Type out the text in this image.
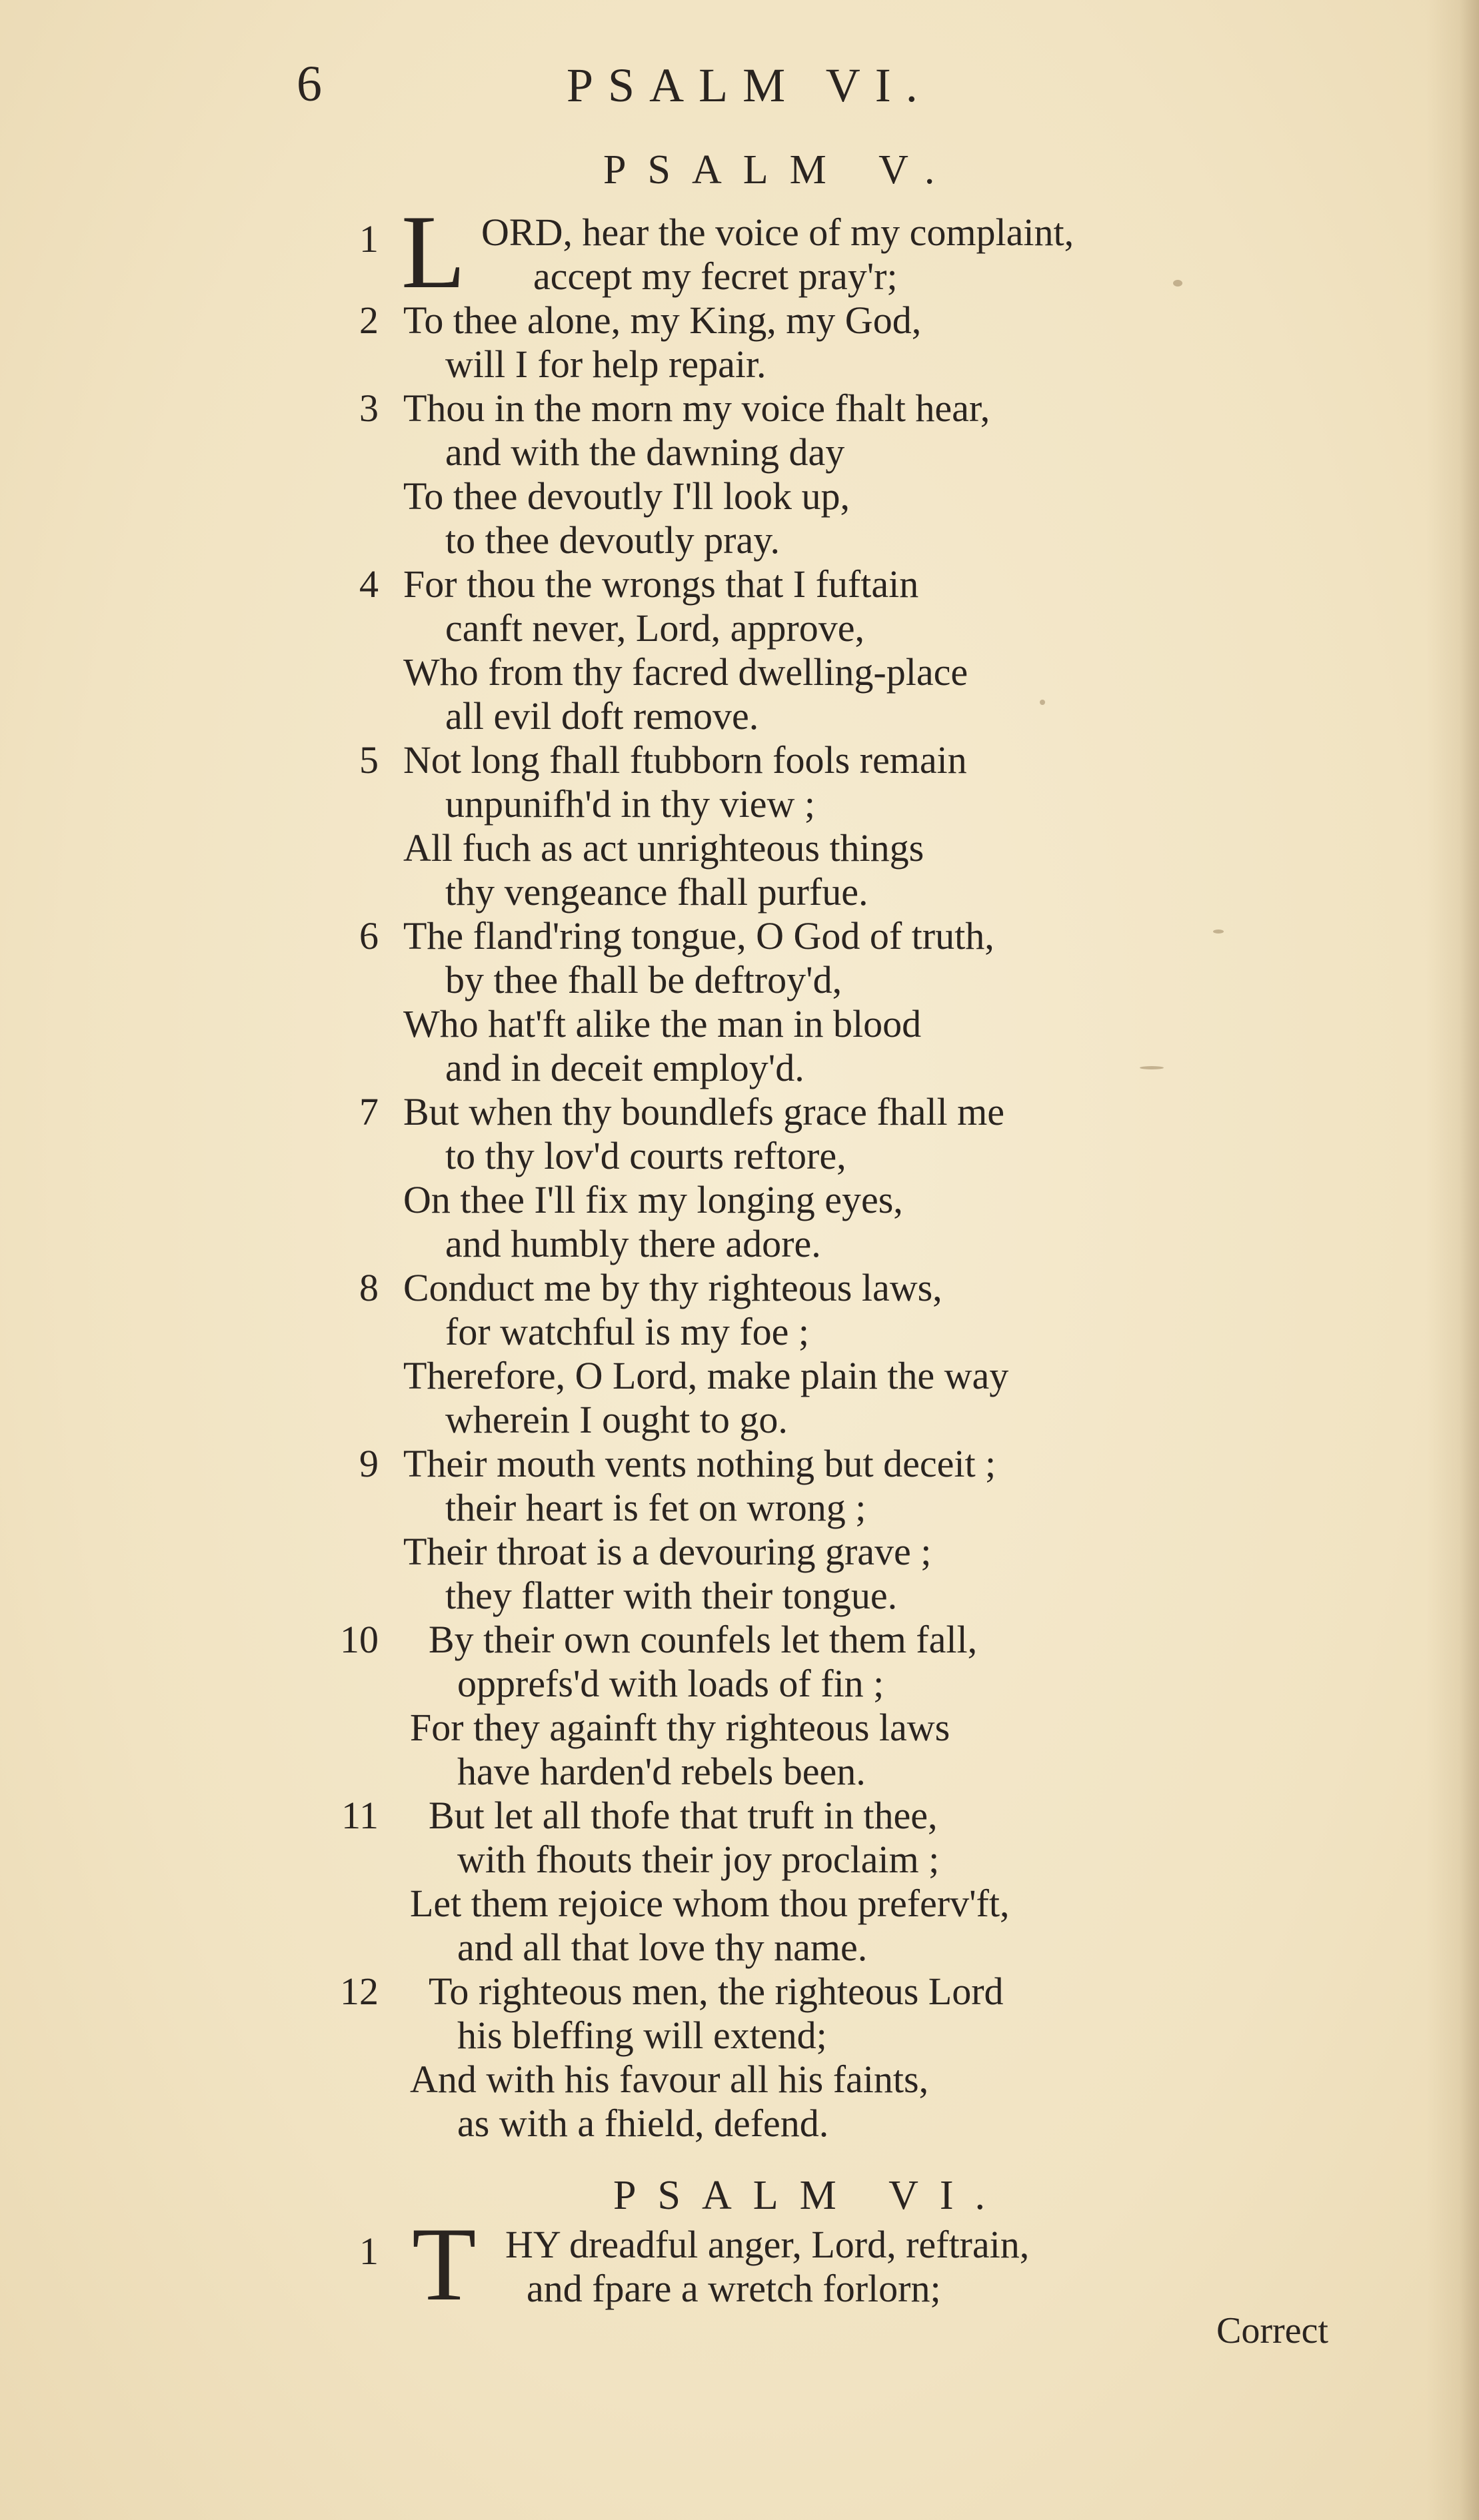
6	PSALM VI.
PSALM V.
1 L ORD, hear the voice of my complaint,
accept my fecret pray'r;
2 To thee alone, my King, my God,
will I for help repair.
3 Thou in the morn my voice fhalt hear,
and with the dawning day
To thee devoutly I'll look up,
to thee devoutly pray.
4 For thou the wrongs that I fuftain
canft never, Lord, approve,
Who from thy facred dwelling-place
all evil doft remove.
5 Not long fhall ftubborn fools remain
unpunifh'd in thy view ;
All fuch as act unrighteous things
thy vengeance fhall purfue.
6 The fland'ring tongue, O God of truth,
by thee fhall be deftroy'd,
Who hat'ft alike the man in blood
and in deceit employ'd.
7 But when thy boundlefs grace fhall me
to thy lov'd courts reftore,
On thee I'll fix my longing eyes,
and humbly there adore.
8 Conduct me by thy righteous laws,
for watchful is my foe ;
Therefore, O Lord, make plain the way
wherein I ought to go.
9 Their mouth vents nothing but deceit ;
their heart is fet on wrong ;
Their throat is a devouring grave ;
they flatter with their tongue.
10 By their own counfels let them fall,
opprefs'd with loads of fin ;
For they againft thy righteous laws
have harden'd rebels been.
11 But let all thofe that truft in thee,
with fhouts their joy proclaim ;
Let them rejoice whom thou preferv'ft,
and all that love thy name.
12 To righteous men, the righteous Lord
his bleffing will extend;
And with his favour all his faints,
as with a fhield, defend.
PSALM VI.
1 T HY dreadful anger, Lord, reftrain,
and fpare a wretch forlorn;
Correct
